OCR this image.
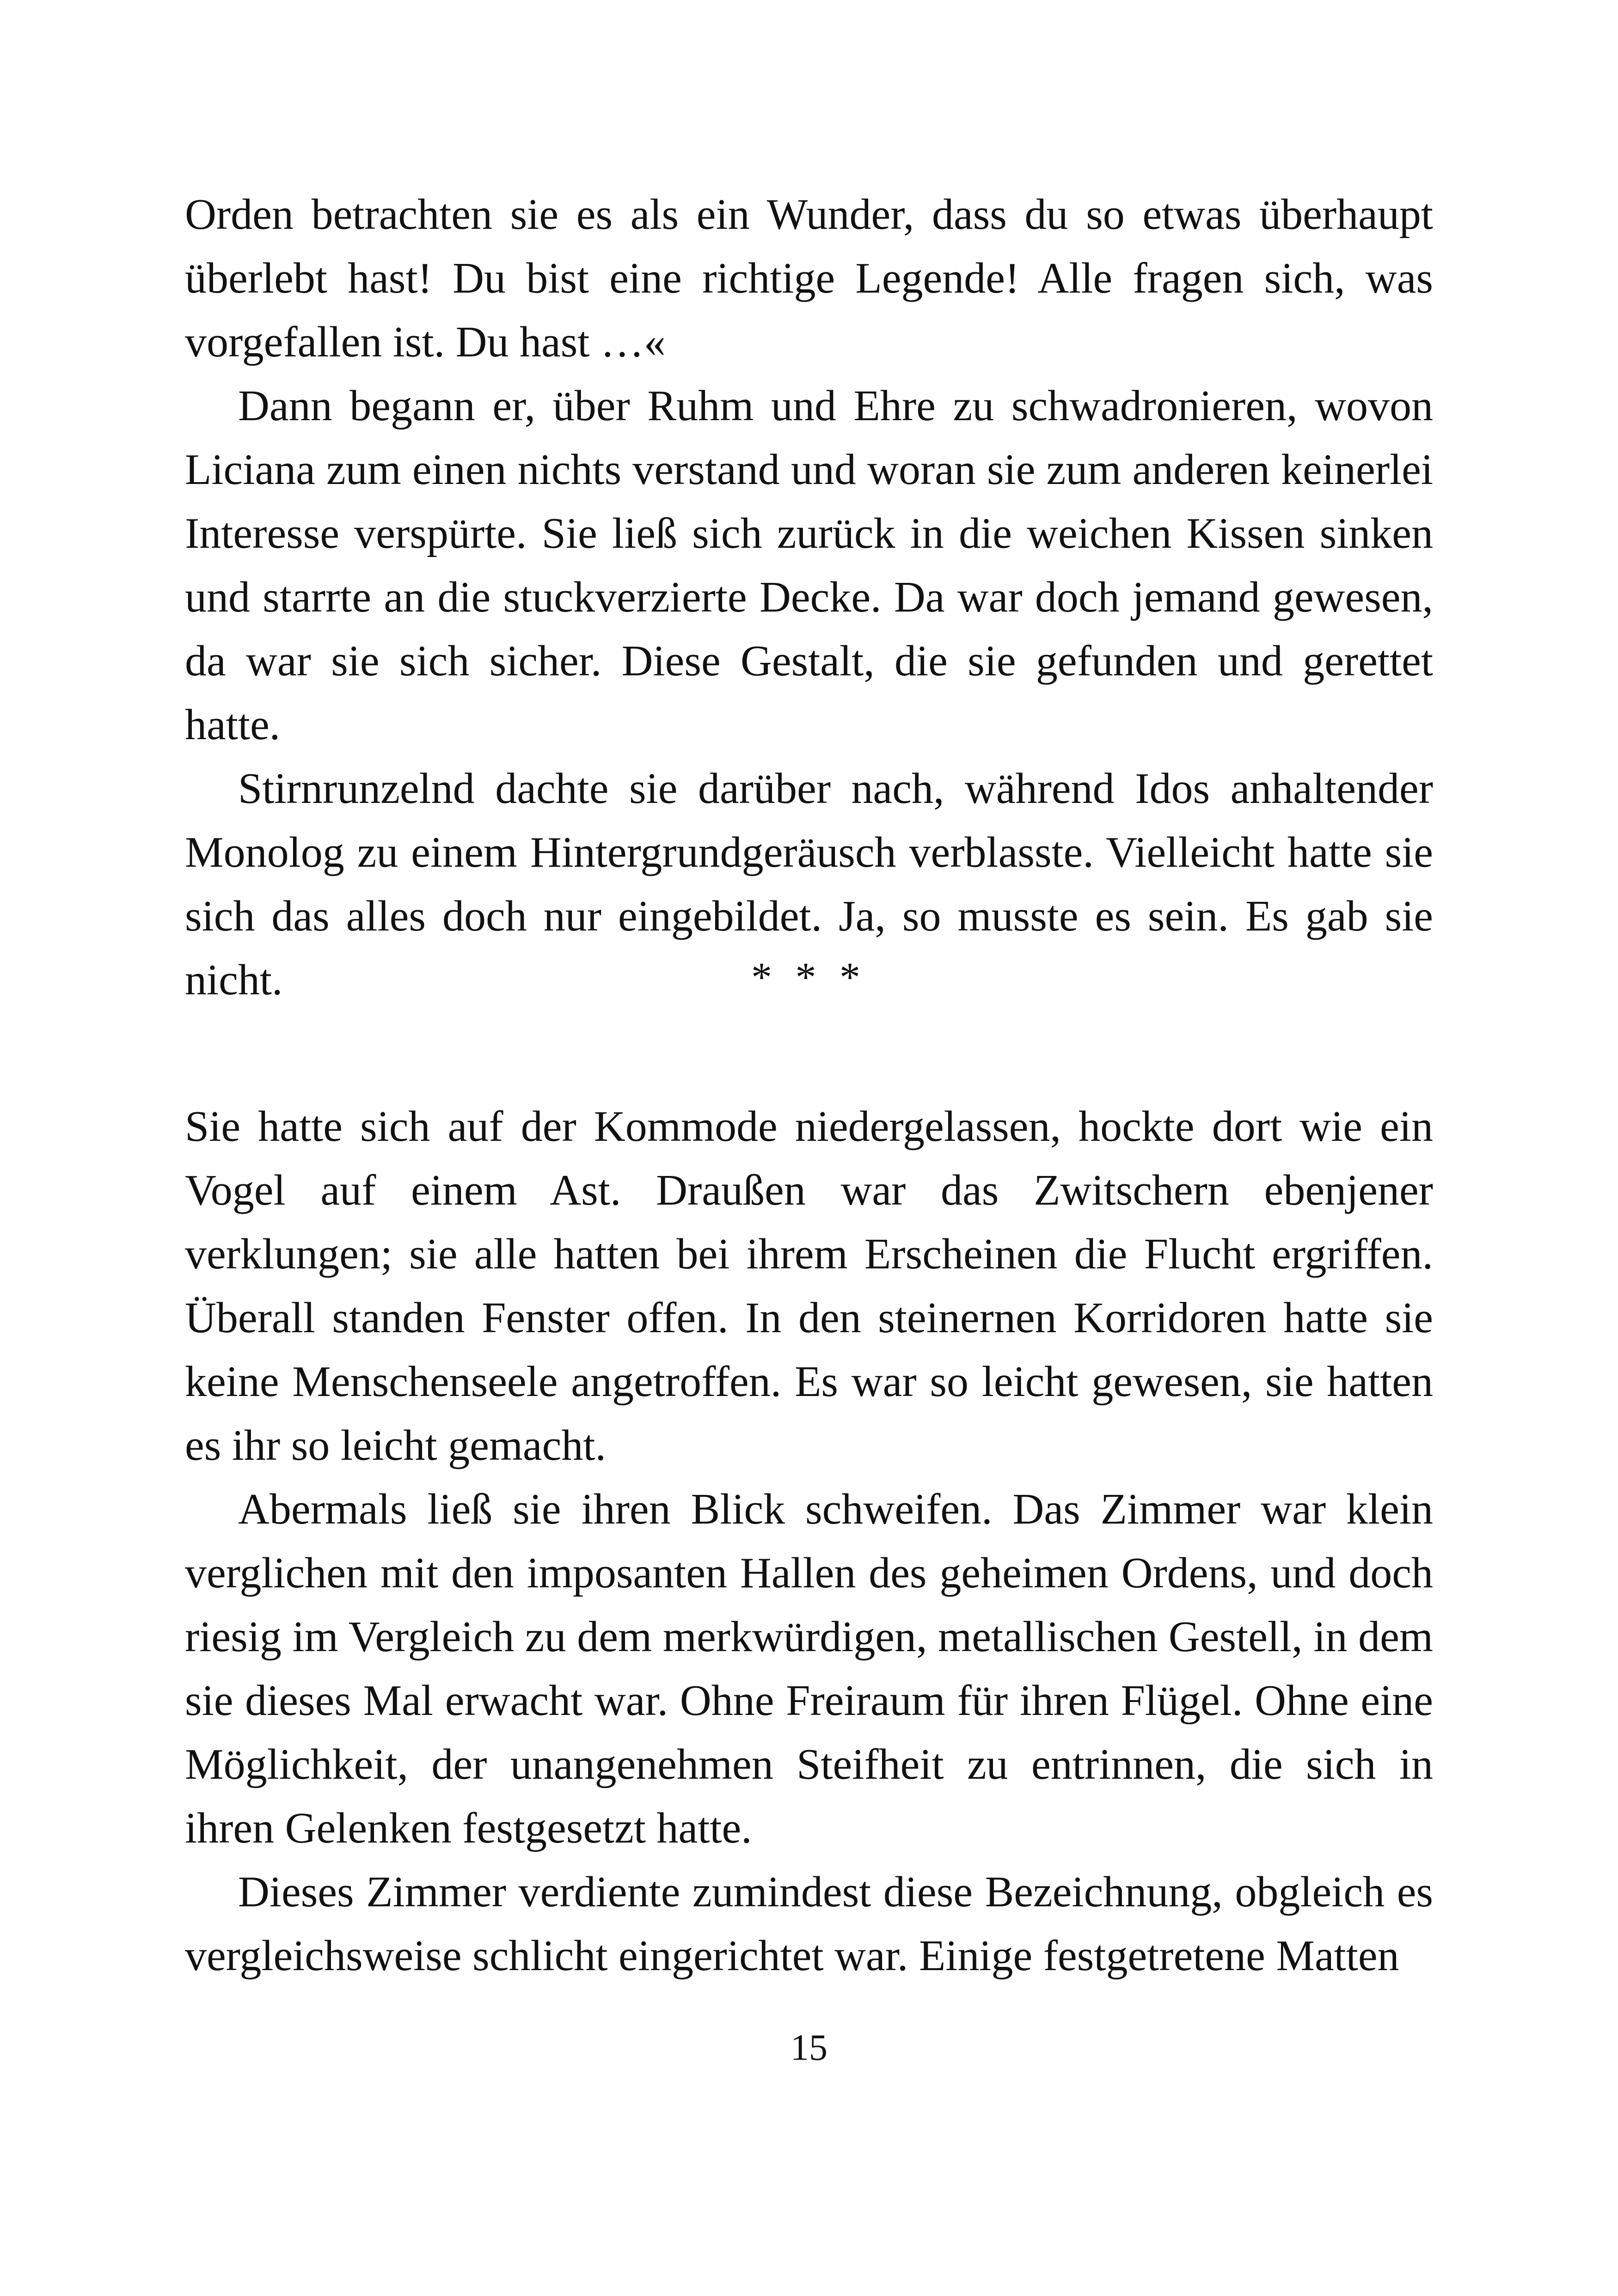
Orden betrachten sie es als ein Wunder, dass du so etwas überhaupt überlebt hast! Du bist eine richtige Legende! Alle fragen sich, was vorgefallen ist. Du hast …«

Dann begann er, über Ruhm und Ehre zu schwadronieren, wovon Liciana zum einen nichts verstand und woran sie zum anderen keinerlei Interesse verspürte. Sie ließ sich zurück in die weichen Kissen sinken und starrte an die stuckverzierte Decke. Da war doch jemand gewesen, da war sie sich sicher. Diese Gestalt, die sie gefunden und gerettet hatte.

Stirnrunzelnd dachte sie darüber nach, während Idos anhaltender Monolog zu einem Hintergrundgeräusch verblasste. Vielleicht hatte sie sich das alles doch nur eingebildet. Ja, so musste es sein. Es gab sie nicht.	* * *

Sie hatte sich auf der Kommode niedergelassen, hockte dort wie ein Vogel auf einem Ast. Draußen war das Zwitschern ebenjener verklungen; sie alle hatten bei ihrem Erscheinen die Flucht ergriffen. Überall standen Fenster offen. In den steinernen Korridoren hatte sie keine Menschenseele angetroffen. Es war so leicht gewesen, sie hatten es ihr so leicht gemacht.

Abermals ließ sie ihren Blick schweifen. Das Zimmer war klein verglichen mit den imposanten Hallen des geheimen Ordens, und doch riesig im Vergleich zu dem merkwürdigen, metallischen Gestell, in dem sie dieses Mal erwacht war. Ohne Freiraum für ihren Flügel. Ohne eine Möglichkeit, der unangenehmen Steifheit zu entrinnen, die sich in ihren Gelenken festgesetzt hatte.

Dieses Zimmer verdiente zumindest diese Bezeichnung, obgleich es vergleichsweise schlicht eingerichtet war. Einige festgetretene Matten

15
